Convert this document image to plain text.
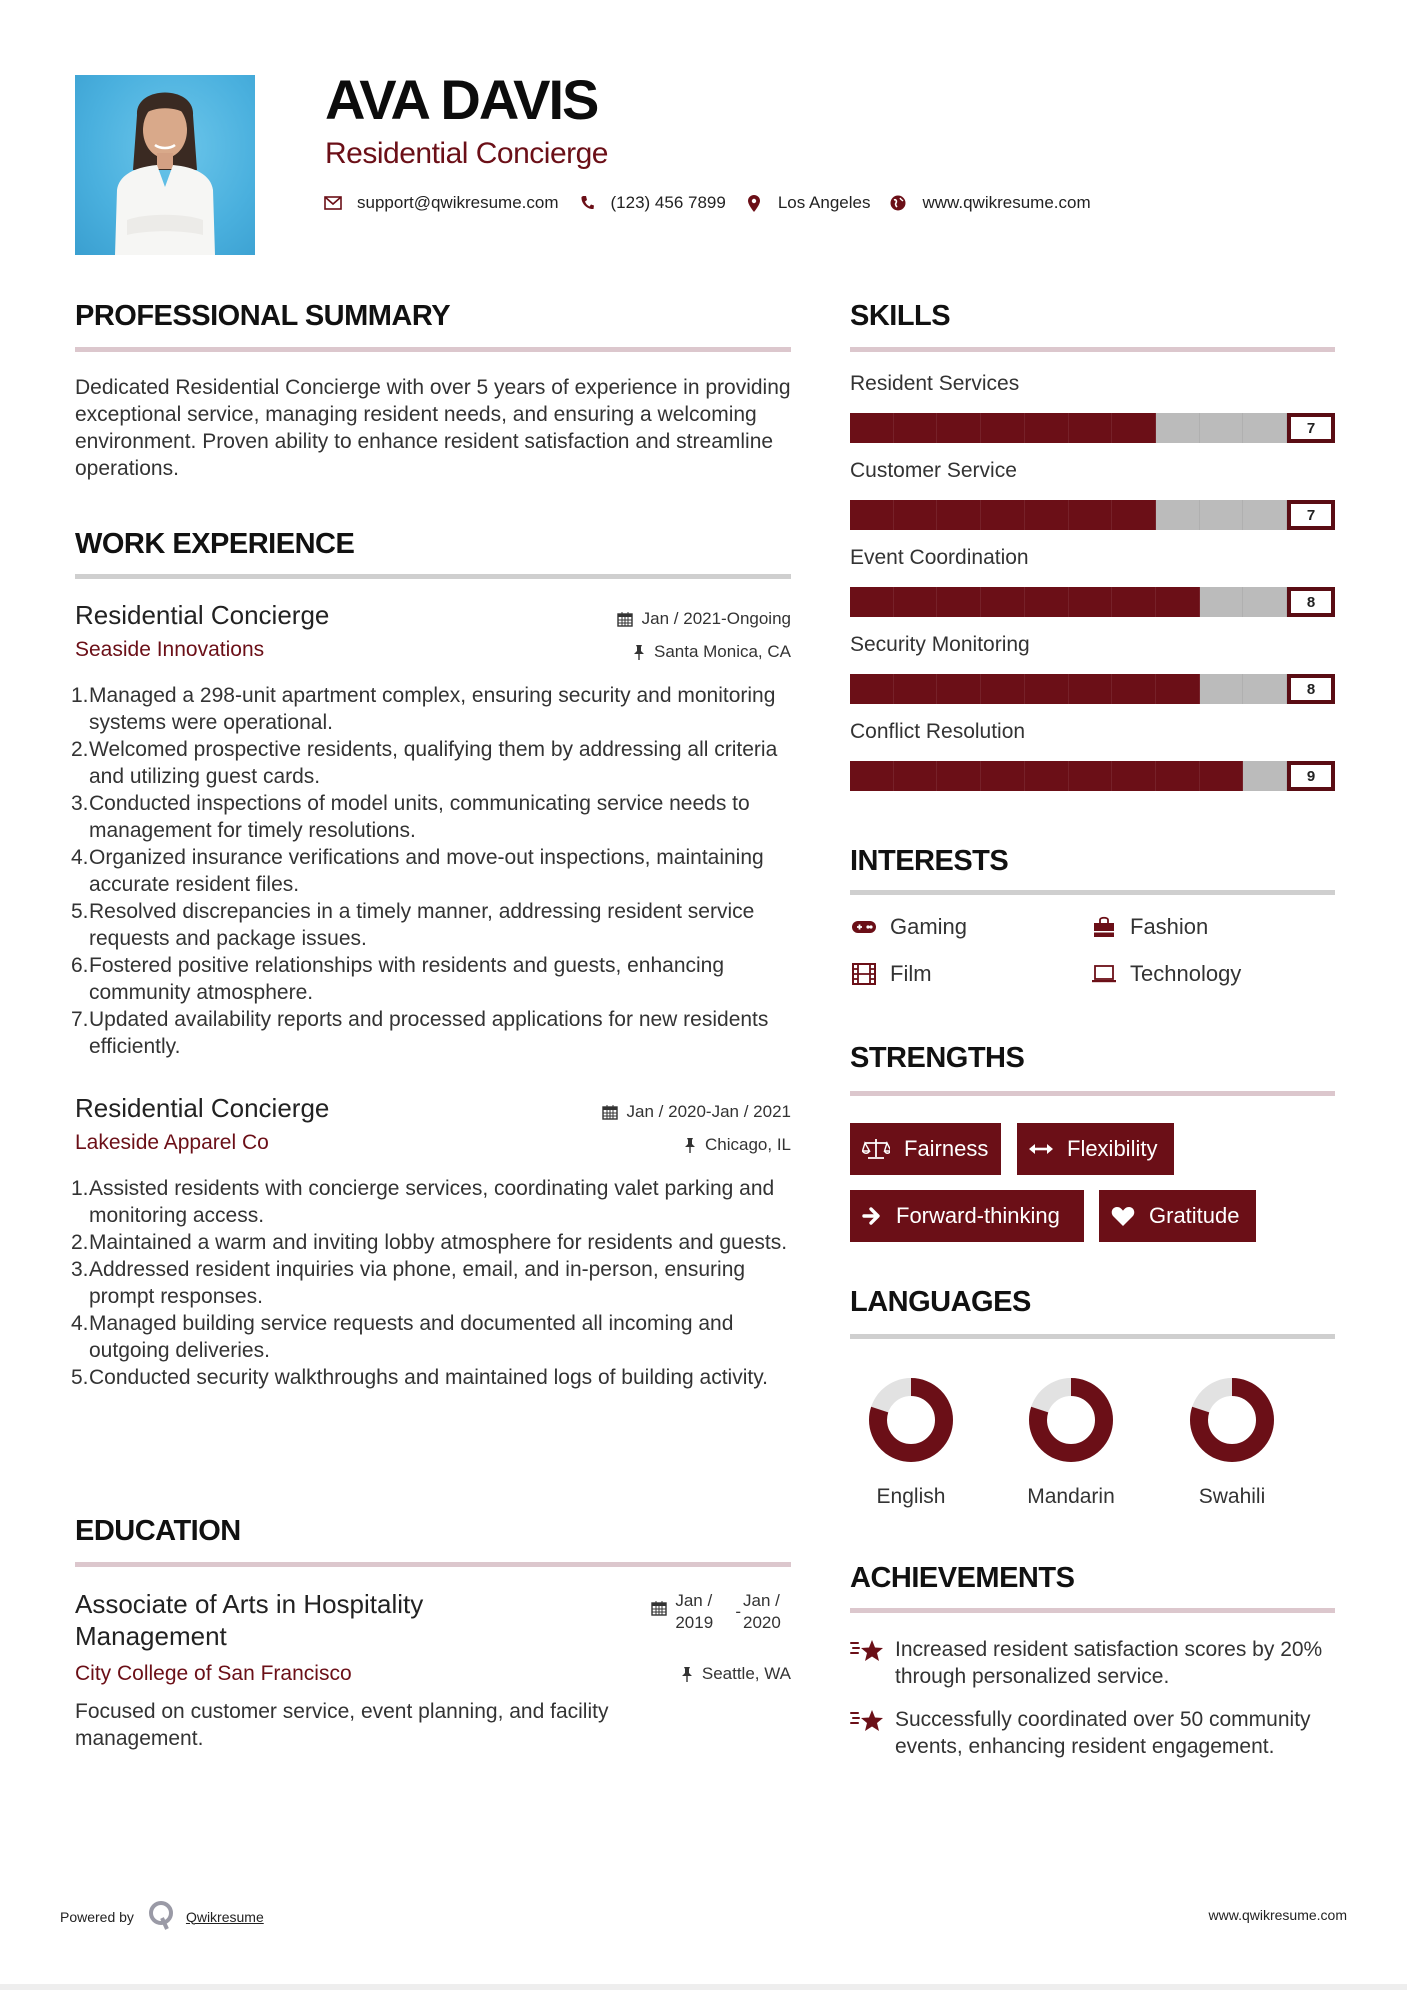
AVA DAVIS
Residential Concierge
support@qwikresume.com	(123) 456 7899	Los Angeles	www.qwikresume.com
PROFESSIONAL SUMMARY
Dedicated Residential Concierge with over 5 years of experience in providing exceptional service, managing resident needs, and ensuring a welcoming environment. Proven ability to enhance resident satisfaction and streamline operations.
WORK EXPERIENCE
Residential Concierge	Jan / 2021-Ongoing
Seaside Innovations	Santa Monica, CA
1. Managed a 298-unit apartment complex, ensuring security and monitoring systems were operational.
2. Welcomed prospective residents, qualifying them by addressing all criteria and utilizing guest cards.
3. Conducted inspections of model units, communicating service needs to management for timely resolutions.
4. Organized insurance verifications and move-out inspections, maintaining accurate resident files.
5. Resolved discrepancies in a timely manner, addressing resident service requests and package issues.
6. Fostered positive relationships with residents and guests, enhancing community atmosphere.
7. Updated availability reports and processed applications for new residents efficiently.
Residential Concierge	Jan / 2020-Jan / 2021
Lakeside Apparel Co	Chicago, IL
1. Assisted residents with concierge services, coordinating valet parking and monitoring access.
2. Maintained a warm and inviting lobby atmosphere for residents and guests.
3. Addressed resident inquiries via phone, email, and in-person, ensuring prompt responses.
4. Managed building service requests and documented all incoming and outgoing deliveries.
5. Conducted security walkthroughs and maintained logs of building activity.
EDUCATION
Associate of Arts in Hospitality
Management
Jan /
2019
-
Jan /
2020
City College of San Francisco	Seattle, WA
Focused on customer service, event planning, and facility management.
SKILLS
Resident Services
7
Customer Service
7
Event Coordination
8
Security Monitoring
8
Conflict Resolution
9
INTERESTS
Gaming	Fashion
Film	Technology
STRENGTHS
Fairness	Flexibility
Forward-thinking	Gratitude
LANGUAGES
English	Mandarin	Swahili
ACHIEVEMENTS
Increased resident satisfaction scores by 20% through personalized service.
Successfully coordinated over 50 community events, enhancing resident engagement.
Powered by	Qwikresume	www.qwikresume.com
